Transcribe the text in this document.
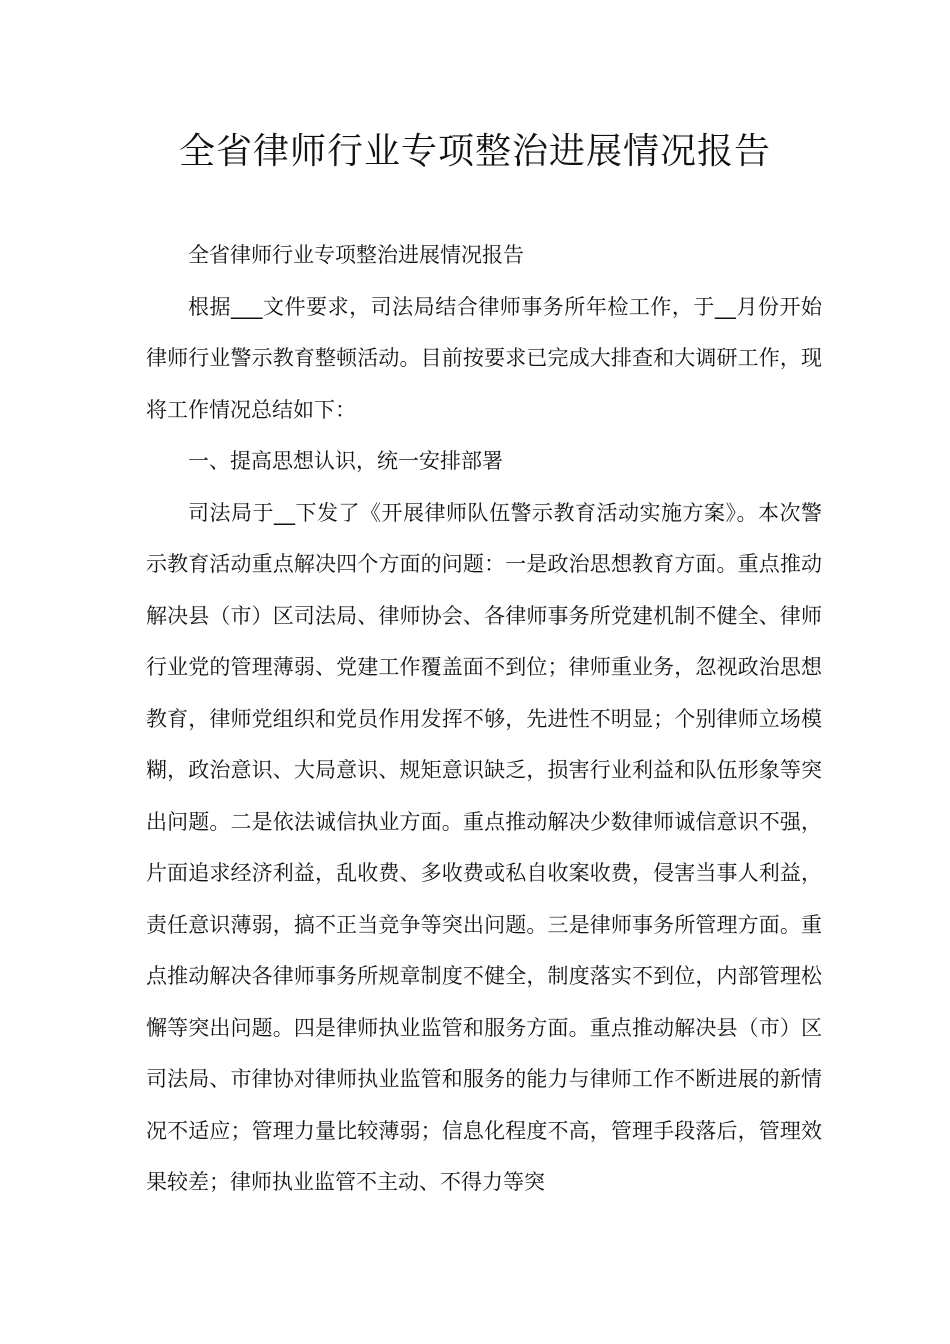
全省律师行业专项整治进展情况报告

全省律师行业专项整治进展情况报告

根据___文件要求，司法局结合律师事务所年检工作，于__月份开始律师行业警示教育整顿活动。目前按要求已完成大排查和大调研工作，现将工作情况总结如下：

一、提高思想认识，统一安排部署

司法局于__下发了《开展律师队伍警示教育活动实施方案》。本次警示教育活动重点解决四个方面的问题：一是政治思想教育方面。重点推动解决县（市）区司法局、律师协会、各律师事务所党建机制不健全、律师行业党的管理薄弱、党建工作覆盖面不到位；律师重业务，忽视政治思想教育，律师党组织和党员作用发挥不够，先进性不明显；个别律师立场模糊，政治意识、大局意识、规矩意识缺乏，损害行业利益和队伍形象等突出问题。二是依法诚信执业方面。重点推动解决少数律师诚信意识不强，片面追求经济利益，乱收费、多收费或私自收案收费，侵害当事人利益，责任意识薄弱，搞不正当竞争等突出问题。三是律师事务所管理方面。重点推动解决各律师事务所规章制度不健全，制度落实不到位，内部管理松懈等突出问题。四是律师执业监管和服务方面。重点推动解决县（市）区司法局、市律协对律师执业监管和服务的能力与律师工作不断进展的新情况不适应；管理力量比较薄弱；信息化程度不高，管理手段落后，管理效果较差；律师执业监管不主动、不得力等突
